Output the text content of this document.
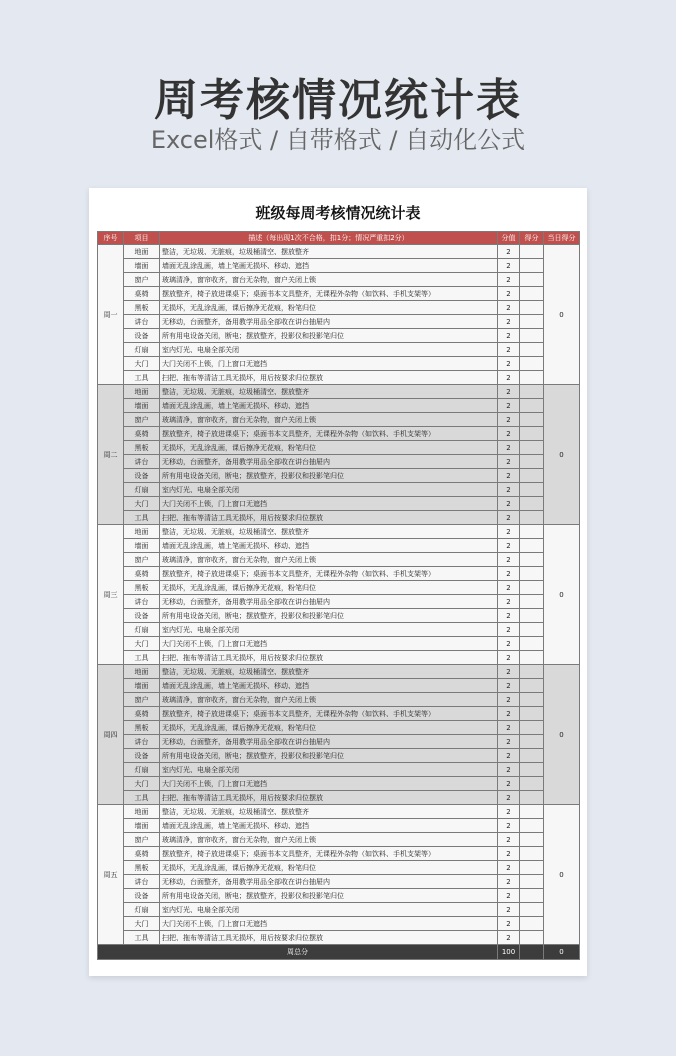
周考核情况统计表
Excel格式 / 自带格式 / 自动化公式
班级每周考核情况统计表
序号	项目	描述（每出现1次不合格，扣1分；情况严重扣2分）	分值	得分	当日得分
周一	地面	整洁，无垃圾、无脏痕，垃圾桶清空、摆放整齐	2		0
	墙面	墙面无乱涂乱画，墙上笔画无损坏、移动、遮挡	2		
	窗户	玻璃清净，窗帘收齐，窗台无杂物，窗户关闭上锁	2		
	桌椅	摆放整齐，椅子放进课桌下；桌面书本文具整齐，无课程外杂物（如饮料、手机支架等）	2		
	黑板	无损坏，无乱涂乱画，课后擦净无花痕，粉笔归位	2		
	讲台	无移动，台面整齐，备用教学用品全部收在讲台抽屉内	2		
	设备	所有用电设备关闭，断电；摆放整齐，投影仪和投影笔归位	2		
	灯扇	室内灯光、电扇全部关闭	2		
	大门	大门关闭不上锁，门上窗口无遮挡	2		
	工具	扫把、拖布等清洁工具无损坏，用后按要求归位摆放	2		
周二	地面	整洁，无垃圾、无脏痕，垃圾桶清空、摆放整齐	2		0
	墙面	墙面无乱涂乱画，墙上笔画无损坏、移动、遮挡	2		
	窗户	玻璃清净，窗帘收齐，窗台无杂物，窗户关闭上锁	2		
	桌椅	摆放整齐，椅子放进课桌下；桌面书本文具整齐，无课程外杂物（如饮料、手机支架等）	2		
	黑板	无损坏，无乱涂乱画，课后擦净无花痕，粉笔归位	2		
	讲台	无移动，台面整齐，备用教学用品全部收在讲台抽屉内	2		
	设备	所有用电设备关闭，断电；摆放整齐，投影仪和投影笔归位	2		
	灯扇	室内灯光、电扇全部关闭	2		
	大门	大门关闭不上锁，门上窗口无遮挡	2		
	工具	扫把、拖布等清洁工具无损坏，用后按要求归位摆放	2		
周三	地面	整洁，无垃圾、无脏痕，垃圾桶清空、摆放整齐	2		0
	墙面	墙面无乱涂乱画，墙上笔画无损坏、移动、遮挡	2		
	窗户	玻璃清净，窗帘收齐，窗台无杂物，窗户关闭上锁	2		
	桌椅	摆放整齐，椅子放进课桌下；桌面书本文具整齐，无课程外杂物（如饮料、手机支架等）	2		
	黑板	无损坏，无乱涂乱画，课后擦净无花痕，粉笔归位	2		
	讲台	无移动，台面整齐，备用教学用品全部收在讲台抽屉内	2		
	设备	所有用电设备关闭，断电；摆放整齐，投影仪和投影笔归位	2		
	灯扇	室内灯光、电扇全部关闭	2		
	大门	大门关闭不上锁，门上窗口无遮挡	2		
	工具	扫把、拖布等清洁工具无损坏，用后按要求归位摆放	2		
周四	地面	整洁，无垃圾、无脏痕，垃圾桶清空、摆放整齐	2		0
	墙面	墙面无乱涂乱画，墙上笔画无损坏、移动、遮挡	2		
	窗户	玻璃清净，窗帘收齐，窗台无杂物，窗户关闭上锁	2		
	桌椅	摆放整齐，椅子放进课桌下；桌面书本文具整齐，无课程外杂物（如饮料、手机支架等）	2		
	黑板	无损坏，无乱涂乱画，课后擦净无花痕，粉笔归位	2		
	讲台	无移动，台面整齐，备用教学用品全部收在讲台抽屉内	2		
	设备	所有用电设备关闭，断电；摆放整齐，投影仪和投影笔归位	2		
	灯扇	室内灯光、电扇全部关闭	2		
	大门	大门关闭不上锁，门上窗口无遮挡	2		
	工具	扫把、拖布等清洁工具无损坏，用后按要求归位摆放	2		
周五	地面	整洁，无垃圾、无脏痕，垃圾桶清空、摆放整齐	2		0
	墙面	墙面无乱涂乱画，墙上笔画无损坏、移动、遮挡	2		
	窗户	玻璃清净，窗帘收齐，窗台无杂物，窗户关闭上锁	2		
	桌椅	摆放整齐，椅子放进课桌下；桌面书本文具整齐，无课程外杂物（如饮料、手机支架等）	2		
	黑板	无损坏，无乱涂乱画，课后擦净无花痕，粉笔归位	2		
	讲台	无移动，台面整齐，备用教学用品全部收在讲台抽屉内	2		
	设备	所有用电设备关闭，断电；摆放整齐，投影仪和投影笔归位	2		
	灯扇	室内灯光、电扇全部关闭	2		
	大门	大门关闭不上锁，门上窗口无遮挡	2		
	工具	扫把、拖布等清洁工具无损坏，用后按要求归位摆放	2		
周总分			100		0
